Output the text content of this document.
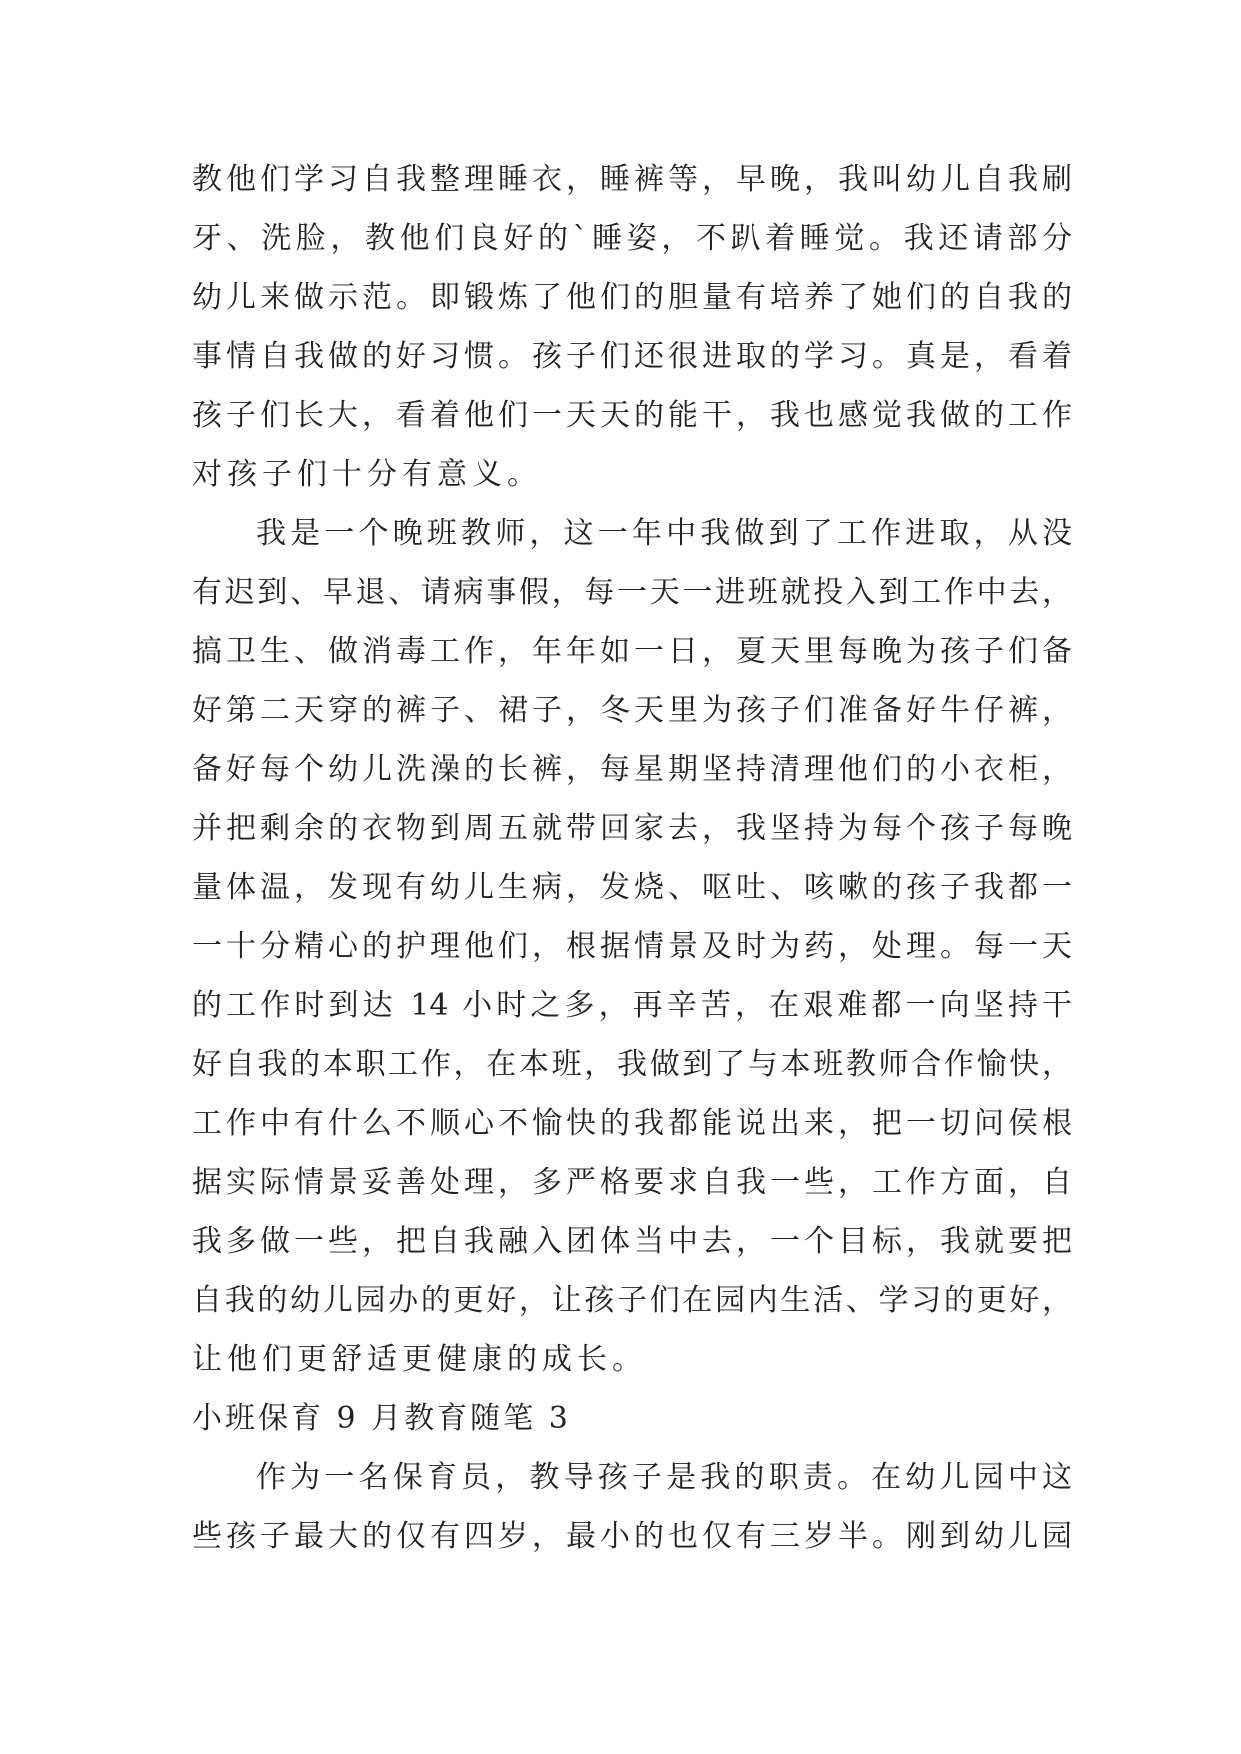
教他们学习自我整理睡衣，睡裤等，早晚，我叫幼儿自我刷
牙、洗脸，教他们良好的`睡姿，不趴着睡觉。我还请部分
幼儿来做示范。即锻炼了他们的胆量有培养了她们的自我的
事情自我做的好习惯。孩子们还很进取的学习。真是，看着
孩子们长大，看着他们一天天的能干，我也感觉我做的工作
对孩子们十分有意义。
我是一个晚班教师，这一年中我做到了工作进取，从没
有迟到、早退、请病事假，每一天一进班就投入到工作中去，
搞卫生、做消毒工作，年年如一日，夏天里每晚为孩子们备
好第二天穿的裤子、裙子，冬天里为孩子们准备好牛仔裤，
备好每个幼儿洗澡的长裤，每星期坚持清理他们的小衣柜，
并把剩余的衣物到周五就带回家去，我坚持为每个孩子每晚
量体温，发现有幼儿生病，发烧、呕吐、咳嗽的孩子我都一
一十分精心的护理他们，根据情景及时为药，处理。每一天
的工作时到达 14 小时之多，再辛苦，在艰难都一向坚持干
好自我的本职工作，在本班，我做到了与本班教师合作愉快，
工作中有什么不顺心不愉快的我都能说出来，把一切问侯根
据实际情景妥善处理，多严格要求自我一些，工作方面，自
我多做一些，把自我融入团体当中去，一个目标，我就要把
自我的幼儿园办的更好，让孩子们在园内生活、学习的更好，
让他们更舒适更健康的成长。
小班保育 9 月教育随笔 3
作为一名保育员，教导孩子是我的职责。在幼儿园中这
些孩子最大的仅有四岁，最小的也仅有三岁半。刚到幼儿园
